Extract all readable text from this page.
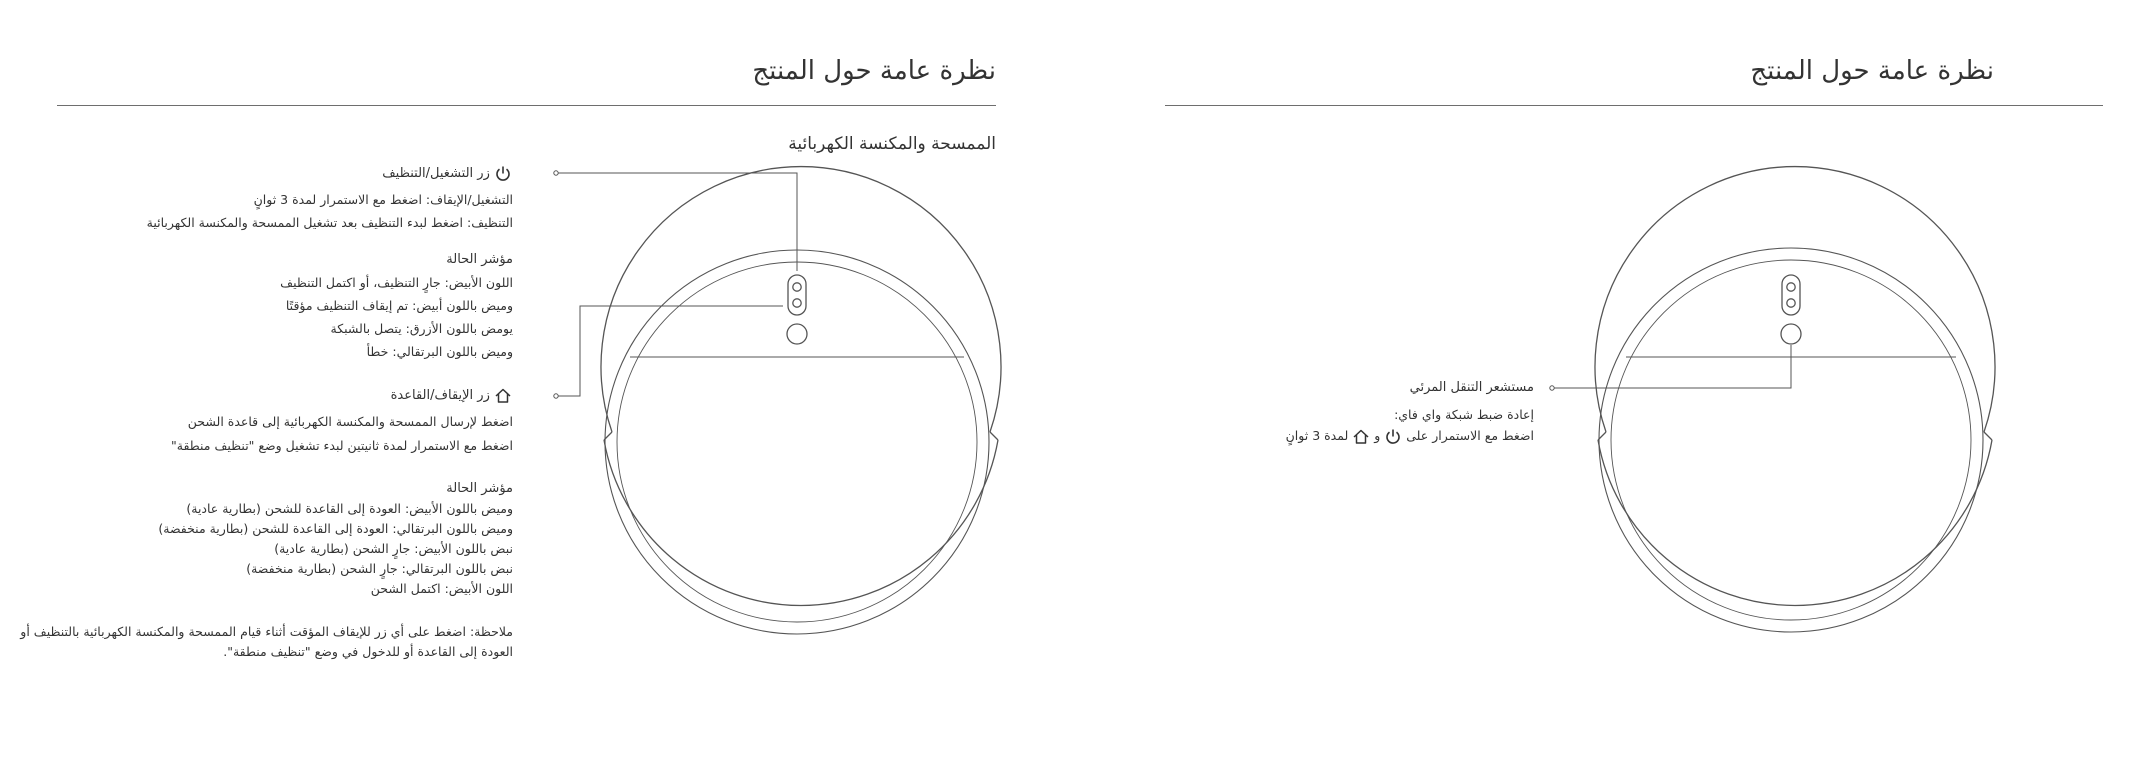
نظرة عامة حول المنتج
الممسحة والمكنسة الكهربائية
زر التشغيل/التنظيف
التشغيل/الإيقاف: اضغط مع الاستمرار لمدة 3 ثوانٍ
التنظيف: اضغط لبدء التنظيف بعد تشغيل الممسحة والمكنسة الكهربائية
مؤشر الحالة
اللون الأبيض: جارٍ التنظيف، أو اكتمل التنظيف
وميض باللون أبيض: تم إيقاف التنظيف مؤقتًا
يومض باللون الأزرق: يتصل بالشبكة
وميض باللون البرتقالي: خطأ
زر الإيقاف/القاعدة
اضغط لإرسال الممسحة والمكنسة الكهربائية إلى قاعدة الشحن
اضغط مع الاستمرار لمدة ثانيتين لبدء تشغيل وضع "تنظيف منطقة"
مؤشر الحالة
وميض باللون الأبيض: العودة إلى القاعدة للشحن (بطارية عادية)
وميض باللون البرتقالي: العودة إلى القاعدة للشحن (بطارية منخفضة)
نبض باللون الأبيض: جارٍ الشحن (بطارية عادية)
نبض باللون البرتقالي: جارٍ الشحن (بطارية منخفضة)
اللون الأبيض: اكتمل الشحن
ملاحظة: اضغط على أي زر للإيقاف المؤقت أثناء قيام الممسحة والمكنسة الكهربائية بالتنظيف أو
العودة إلى القاعدة أو للدخول في وضع "تنظيف منطقة".
نظرة عامة حول المنتج
مستشعر التنقل المرئي
إعادة ضبط شبكة واي فاي:
اضغط مع الاستمرار على  و  لمدة 3 ثوانٍ
